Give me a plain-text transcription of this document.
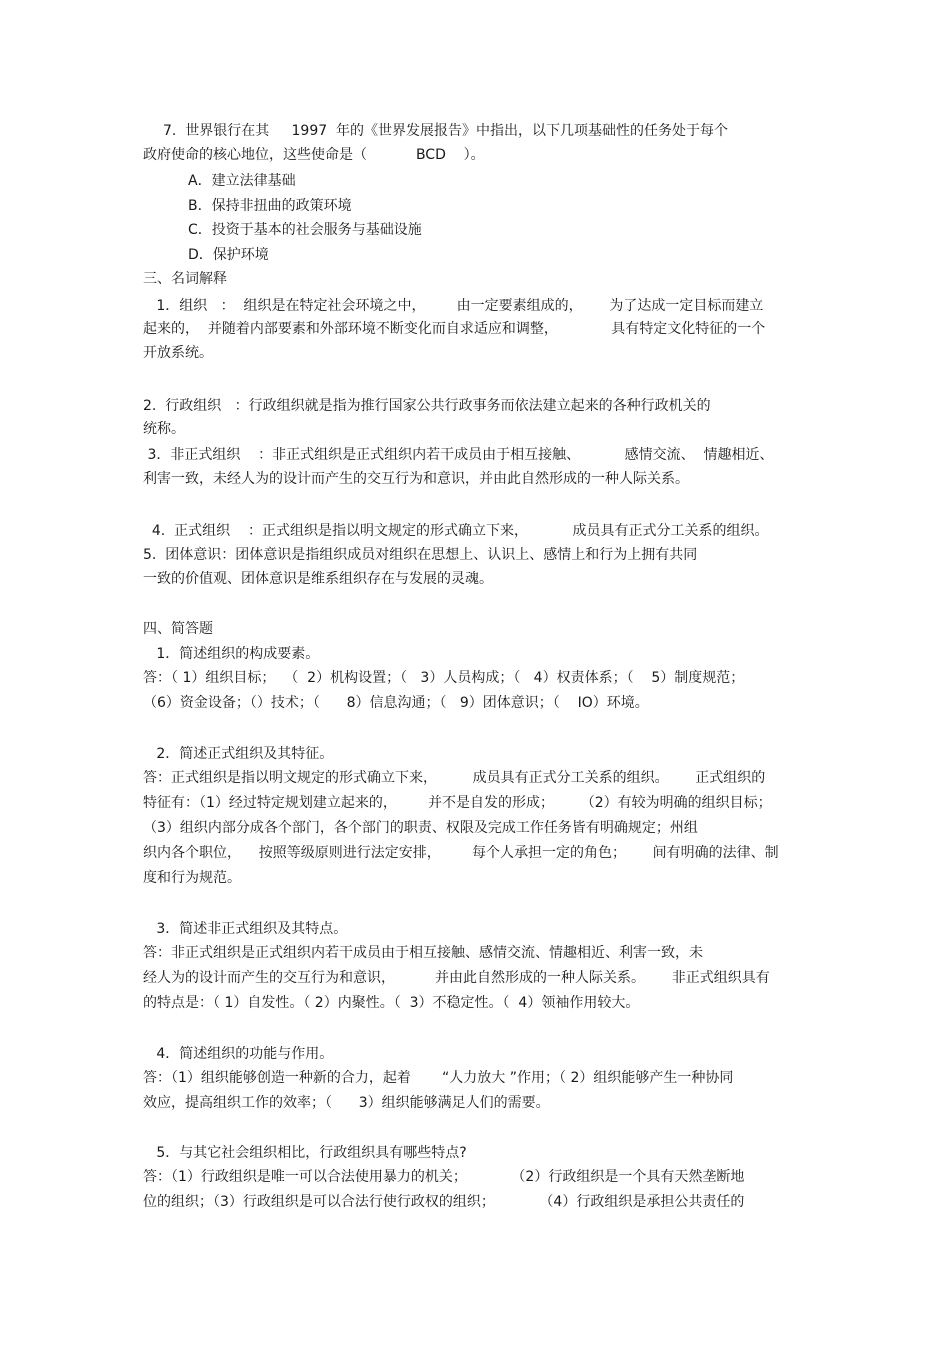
7.  世界银行在其     1997  年的《世界发展报告》中指出，以下几项基础性的任务处于每个
政府使命的核心地位，这些使命是（           BCD    ）。
A．建立法律基础
B．保持非扭曲的政策环境
C．投资于基本的社会服务与基础设施
D．保护环境
三、名词解释
1．组织   ：  组织是在特定社会环境之中，       由一定要素组成的，      为了达成一定目标而建立
起来的，  并随着内部要素和外部环境不断变化而自求适应和调整，            具有特定文化特征的一个
开放系统。
2.  行政组织   ：行政组织就是指为推行国家公共行政事务而依法建立起来的各种行政机关的
统称。
3．非正式组织    ：非正式组织是正式组织内若干成员由于相互接触、          感情交流、  情趣相近、
利害一致，未经人为的设计而产生的交互行为和意识，并由此自然形成的一种人际关系。
4.  正式组织    ：正式组织是指以明文规定的形式确立下来，          成员具有正式分工关系的组织。
5.  团体意识：团体意识是指组织成员对组织在思想上、认识上、感情上和行为上拥有共同
一致的价值观、团体意识是维系组织存在与发展的灵魂。
四、简答题
1．简述组织的构成要素。
答：（ 1）组织目标；  （  2）机构设置；（   3）人员构成；（   4）权责体系；（    5）制度规范；
（6）资金设备；（）技术；（      8）信息沟通；（   9）团体意识；（    IO）环境。
2．简述正式组织及其特征。
答：正式组织是指以明文规定的形式确立下来，        成员具有正式分工关系的组织。      正式组织的
特征有：（1）经过特定规划建立起来的，       并不是自发的形成；      （2）有较为明确的组织目标；
（3）组织内部分成各个部门，各个部门的职责、权限及完成工作任务皆有明确规定；州组
织内各个职位，    按照等级原则进行法定安排，       每个人承担一定的角色；      间有明确的法律、制
度和行为规范。
3．简述非正式组织及其特点。
答：非正式组织是正式组织内若干成员由于相互接触、感情交流、情趣相近、利害一致，未
经人为的设计而产生的交互行为和意识，         并由此自然形成的一种人际关系。      非正式组织具有
的特点是：（ 1）自发性。（ 2）内聚性。（  3）不稳定性。（  4）领袖作用较大。
4．简述组织的功能与作用。
答：（1）组织能够创造一种新的合力，起着       “人力放大 ”作用；（ 2）组织能够产生一种协同
效应，提高组织工作的效率；（      3）组织能够满足人们的需要。
5．与其它社会组织相比，行政组织具有哪些特点?
答：（1）行政组织是唯一可以合法使用暴力的机关；          （2）行政组织是一个具有天然垄断地
位的组织；（3）行政组织是可以合法行使行政权的组织；          （4）行政组织是承担公共责任的
